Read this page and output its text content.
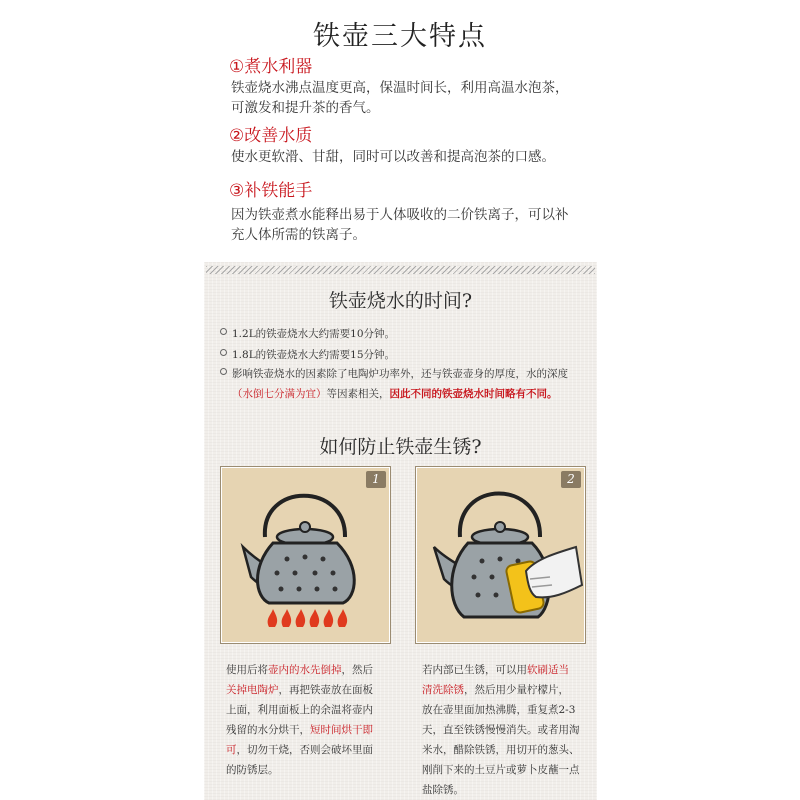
铁壶三大特点
①煮水利器
铁壶烧水沸点温度更高，保温时间长，利用高温水泡茶，
可激发和提升茶的香气。
②改善水质
使水更软滑、甘甜，同时可以改善和提高泡茶的口感。
③补铁能手
因为铁壶煮水能释出易于人体吸收的二价铁离子，可以补
充人体所需的铁离子。
铁壶烧水的时间?
1.2L的铁壶烧水大约需要10分钟。
1.8L的铁壶烧水大约需要15分钟。
影响铁壶烧水的因素除了电陶炉功率外，还与铁壶壶身的厚度，水的深度
（水倒七分满为宜）等因素相关，因此不同的铁壶烧水时间略有不同。
如何防止铁壶生锈?
1	2
使用后将壶内的水先倒掉，然后
关掉电陶炉，再把铁壶放在面板
上面，利用面板上的余温将壶内
残留的水分烘干，短时间烘干即
可，切勿干烧，否则会破坏里面
的防锈层。
若内部已生锈，可以用软刷适当
清洗除锈，然后用少量柠檬片，
放在壶里面加热沸腾，重复煮2-3
天，直至铁锈慢慢消失。或者用淘
米水，醋除铁锈，用切开的葱头、
刚削下来的土豆片或萝卜皮蘸一点
盐除锈。
